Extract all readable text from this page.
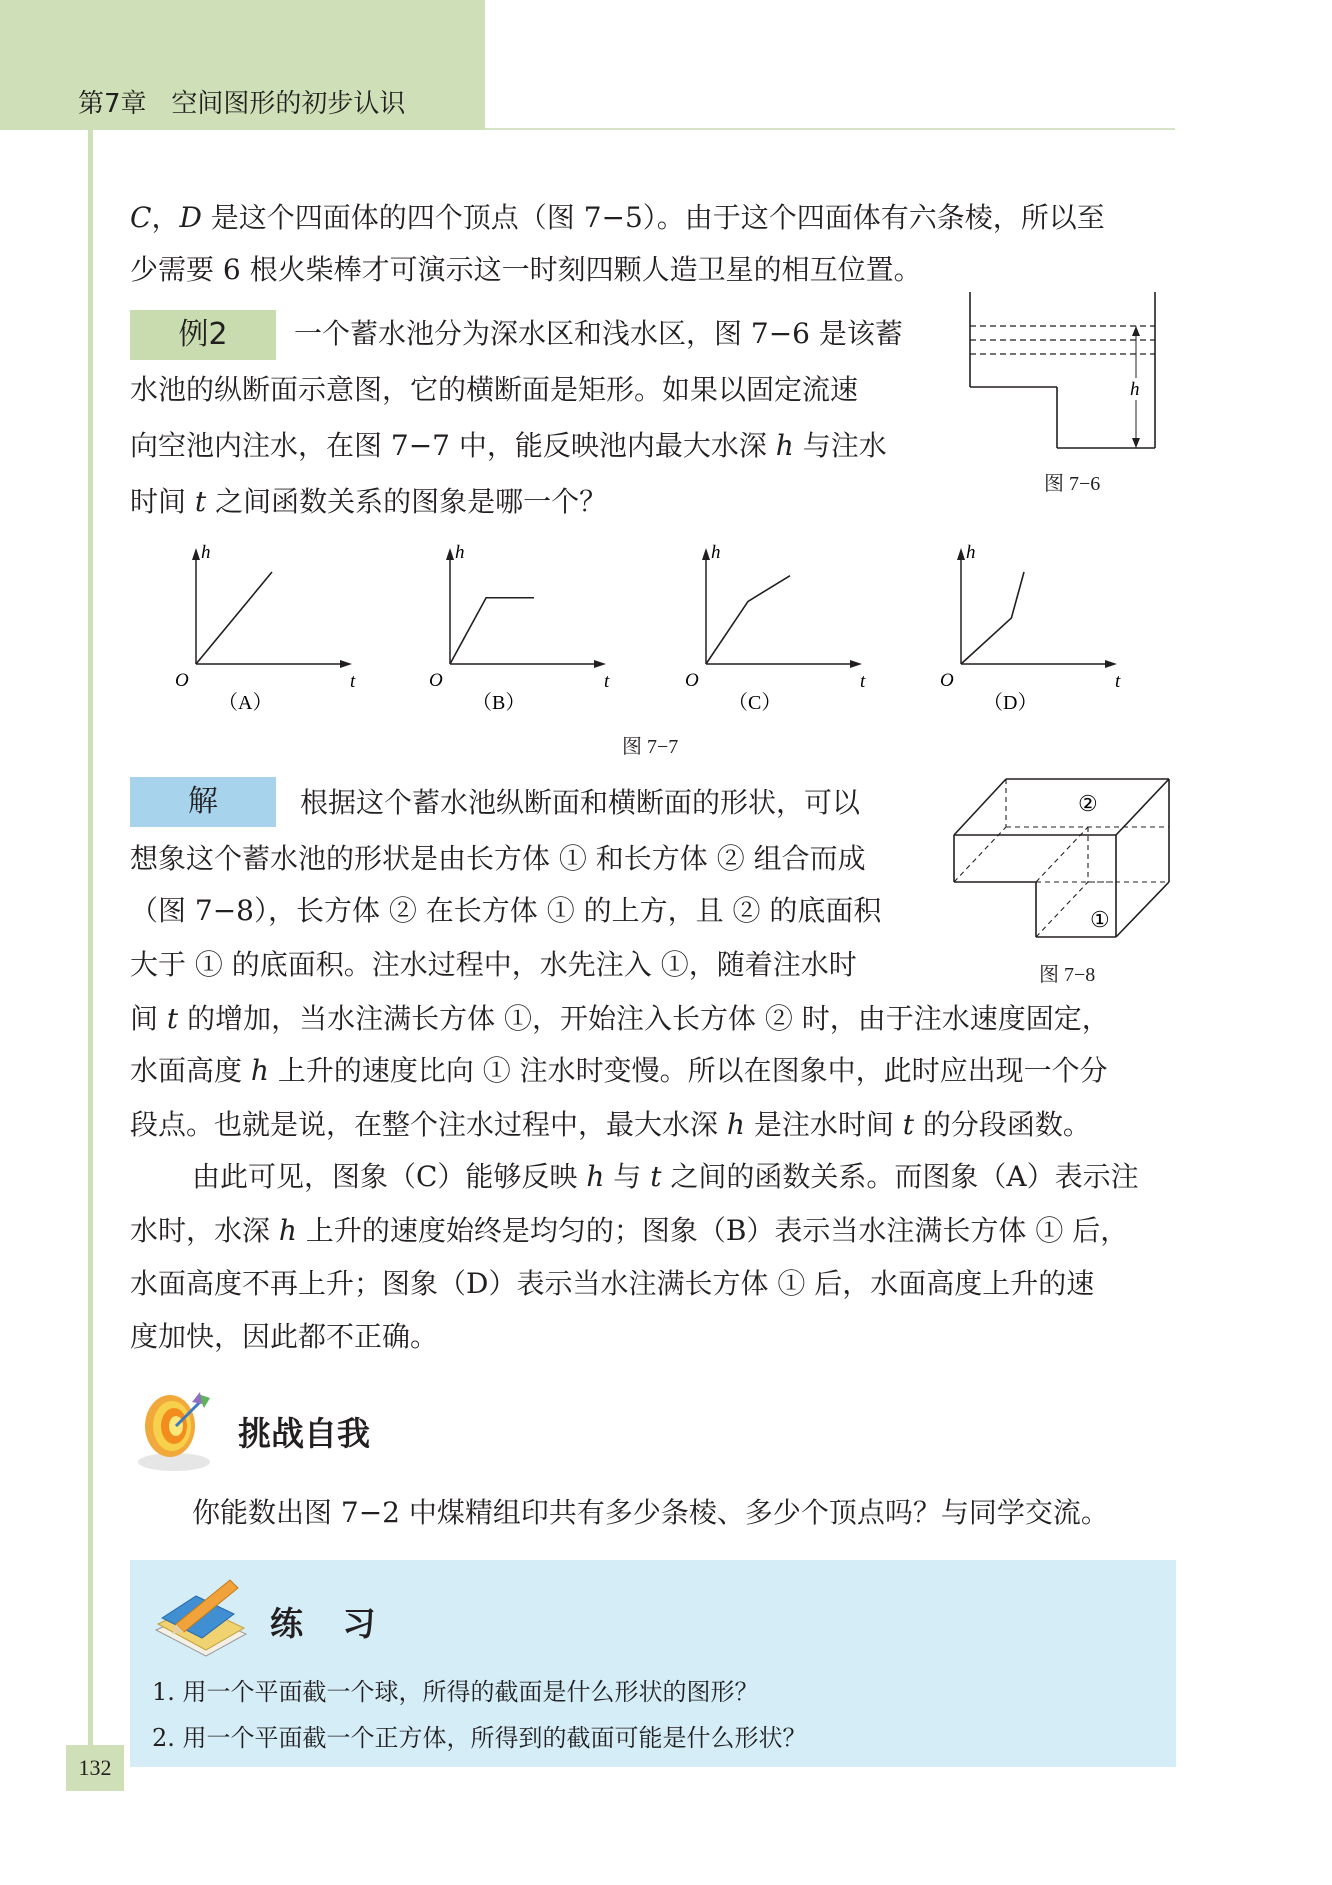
第7章 空间图形的初步认识
132
C，D 是这个四面体的四个顶点（图 7−5）。由于这个四面体有六条棱，所以至
少需要 6 根火柴棒才可演示这一时刻四颗人造卫星的相互位置。
例2	一个蓄水池分为深水区和浅水区，图 7−6 是该蓄
水池的纵断面示意图，它的横断面是矩形。如果以固定流速
向空池内注水，在图 7−7 中，能反映池内最大水深 h 与注水
时间 t 之间函数关系的图象是哪一个？
h
图 7−6
h
t
O
（A）
h
t
O
（B）
h
t
O
（C）
h
t
O
（D）
图 7−7
解	根据这个蓄水池纵断面和横断面的形状，可以
想象这个蓄水池的形状是由长方体 ① 和长方体 ② 组合而成
（图 7−8），长方体 ② 在长方体 ① 的上方，且 ② 的底面积
大于 ① 的底面积。注水过程中，水先注入 ①，随着注水时
间 t 的增加，当水注满长方体 ①，开始注入长方体 ② 时，由于注水速度固定，
水面高度 h 上升的速度比向 ① 注水时变慢。所以在图象中，此时应出现一个分
段点。也就是说，在整个注水过程中，最大水深 h 是注水时间 t 的分段函数。
由此可见，图象（C）能够反映 h 与 t 之间的函数关系。而图象（A）表示注
水时，水深 h 上升的速度始终是均匀的；图象（B）表示当水注满长方体 ① 后，
水面高度不再上升；图象（D）表示当水注满长方体 ① 后，水面高度上升的速
度加快，因此都不正确。
②
①
图 7−8
挑战自我
你能数出图 7−2 中煤精组印共有多少条棱、多少个顶点吗？与同学交流。
练 习
1. 用一个平面截一个球，所得的截面是什么形状的图形？
2. 用一个平面截一个正方体，所得到的截面可能是什么形状？
